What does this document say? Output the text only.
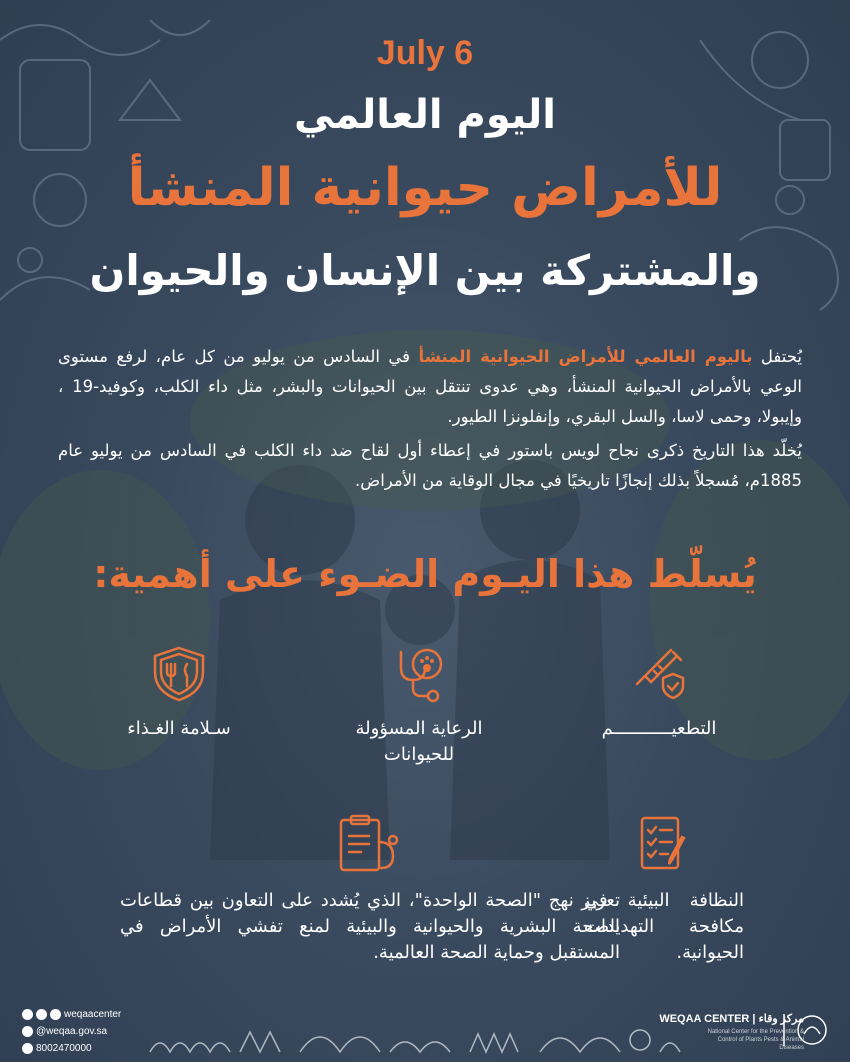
July 6
اليوم العالمي
للأمراض حيوانية المنشأ
والمشتركة بين الإنسان والحيوان
يُحتفل باليوم العالمي للأمراض الحيوانية المنشأ في السادس من يوليو من كل عام، لرفع مستوى الوعي بالأمراض الحيوانية المنشأ، وهي عدوى تنتقل بين الحيوانات والبشر، مثل داء الكلب، وكوفيد-19 ، وإيبولا، وحمى لاسا، والسل البقري، وإنفلونزا الطيور.
يُخلّد هذا التاريخ ذكرى نجاح لويس باستور في إعطاء أول لقاح ضد داء الكلب في السادس من يوليو عام 1885م، مُسجلاً بذلك إنجازًا تاريخيًا في مجال الوقاية من الأمراض.
يُسلّط هذا اليـوم الضـوء على أهمية:
التطعيـــــــــــم
الرعاية المسؤولة للحيوانات
سـلامة الغـذاء
النظافة البيئية في مكافحة التهديدات الحيوانية.
تعزيز نهج "الصحة الواحدة"، الذي يُشدد على التعاون بين قطاعات الصحة البشرية والحيوانية والبيئية لمنع تفشي الأمراض في المستقبل وحماية الصحة العالمية.
weqaacenter
@weqaa.gov.sa
8002470000
WEQAA CENTER | مركز وقاء
National Center for the Prevention & Control of Plants Pests & Animal Diseases
